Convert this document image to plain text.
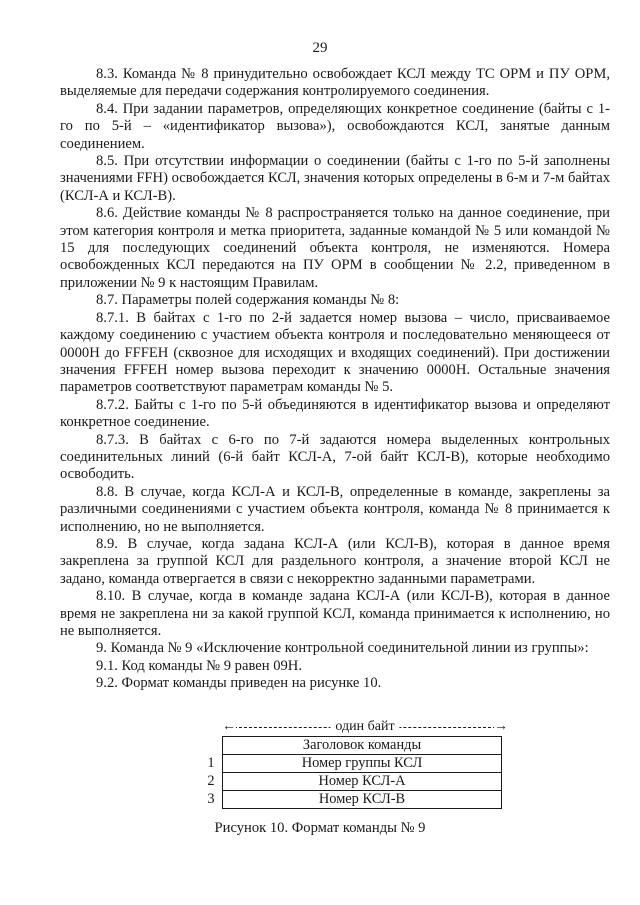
29

8.3. Команда № 8 принудительно освобождает КСЛ между ТС ОРМ и ПУ ОРМ, выделяемые для передачи содержания контролируемого соединения.

8.4. При задании параметров, определяющих конкретное соединение (байты с 1-го по 5-й – «идентификатор вызова»), освобождаются КСЛ, занятые данным соединением.

8.5. При отсутствии информации о соединении (байты с 1-го по 5-й заполнены значениями FFH) освобождается КСЛ, значения которых определены в 6-м и 7-м байтах (КСЛ-А и КСЛ-В).

8.6. Действие команды № 8 распространяется только на данное соединение, при этом категория контроля и метка приоритета, заданные командой № 5 или командой № 15 для последующих соединений объекта контроля, не изменяются. Номера освобожденных КСЛ передаются на ПУ ОРМ в сообщении № 2.2, приведенном в приложении № 9 к настоящим Правилам.

8.7. Параметры полей содержания команды № 8:

8.7.1. В байтах с 1-го по 2-й задается номер вызова – число, присваиваемое каждому соединению с участием объекта контроля и последовательно меняющееся от 0000H до FFFEH (сквозное для исходящих и входящих соединений). При достижении значения FFFEH номер вызова переходит к значению 0000H. Остальные значения параметров соответствуют параметрам команды № 5.

8.7.2. Байты с 1-го по 5-й объединяются в идентификатор вызова и определяют конкретное соединение.

8.7.3. В байтах с 6-го по 7-й задаются номера выделенных контрольных соединительных линий (6-й байт КСЛ-А, 7-ой байт КСЛ-В), которые необходимо освободить.

8.8. В случае, когда КСЛ-А и КСЛ-В, определенные в команде, закреплены за различными соединениями с участием объекта контроля, команда № 8 принимается к исполнению, но не выполняется.

8.9. В случае, когда задана КСЛ-А (или КСЛ-В), которая в данное время закреплена за группой КСЛ для раздельного контроля, а значение второй КСЛ не задано, команда отвергается в связи с некорректно заданными параметрами.

8.10. В случае, когда в команде задана КСЛ-А (или КСЛ-В), которая в данное время не закреплена ни за какой группой КСЛ, команда принимается к исполнению, но не выполняется.

9. Команда № 9 «Исключение контрольной соединительной линии из группы»:

9.1. Код команды № 9 равен 09H.

9.2. Формат команды приведен на рисунке 10.

←	один байт	→
	Заголовок команды
1	Номер группы КСЛ
2	Номер КСЛ-А
3	Номер КСЛ-В
Рисунок 10. Формат команды № 9
